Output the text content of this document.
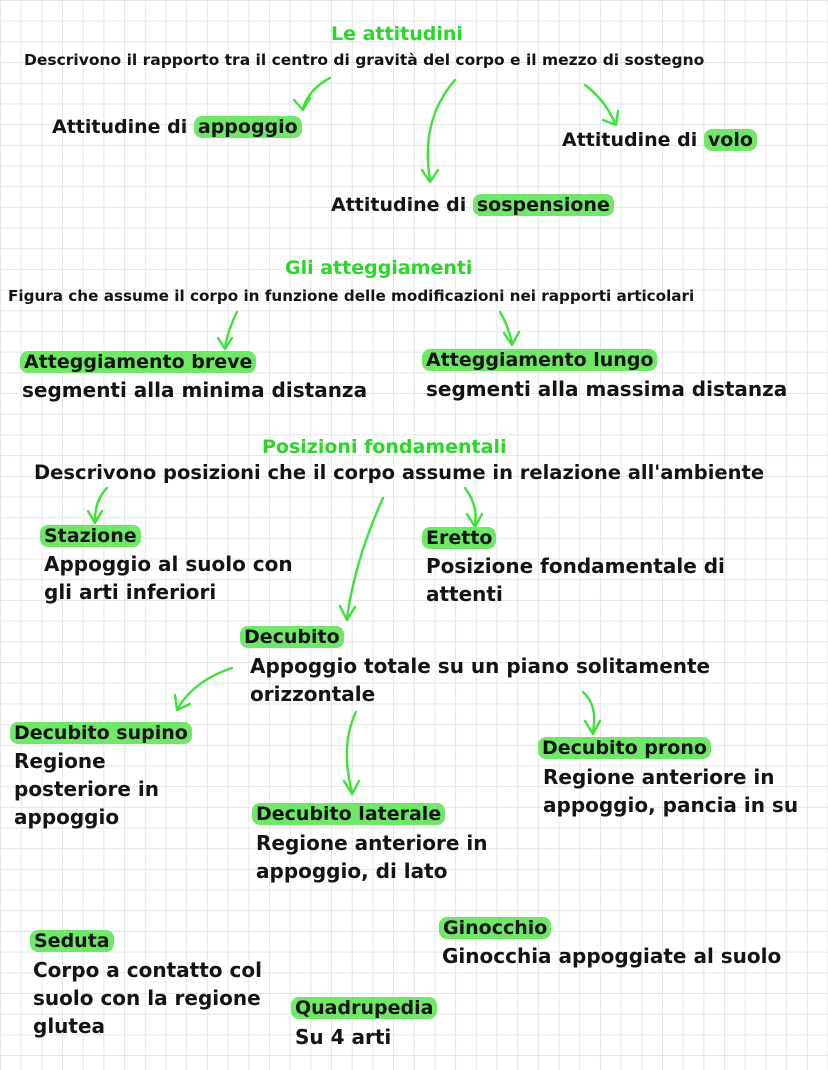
Le attitudini
Descrivono il rapporto tra il centro di gravità del corpo e il mezzo di sostegno
Attitudine di appoggio
Attitudine di volo
Attitudine di sospensione
Gli atteggiamenti
Figura che assume il corpo in funzione delle modificazioni nei rapporti articolari
Atteggiamento breve
segmenti alla minima distanza
Atteggiamento lungo
segmenti alla massima distanza
Posizioni fondamentali
Descrivono posizioni che il corpo assume in relazione all'ambiente
Stazione
Appoggio al suolo con gli arti inferiori
Eretto
Posizione fondamentale di attenti
Decubito
Appoggio totale su un piano solitamente orizzontale
Decubito supino
Regione posteriore in appoggio	Decubito laterale
Regione anteriore in appoggio, di lato
Decubito prono
Regione anteriore in appoggio, pancia in su
Seduta
Corpo a contatto col suolo con la regione glutea
Ginocchio
Ginocchia appoggiate al suolo
Quadrupedia
Su 4 arti
